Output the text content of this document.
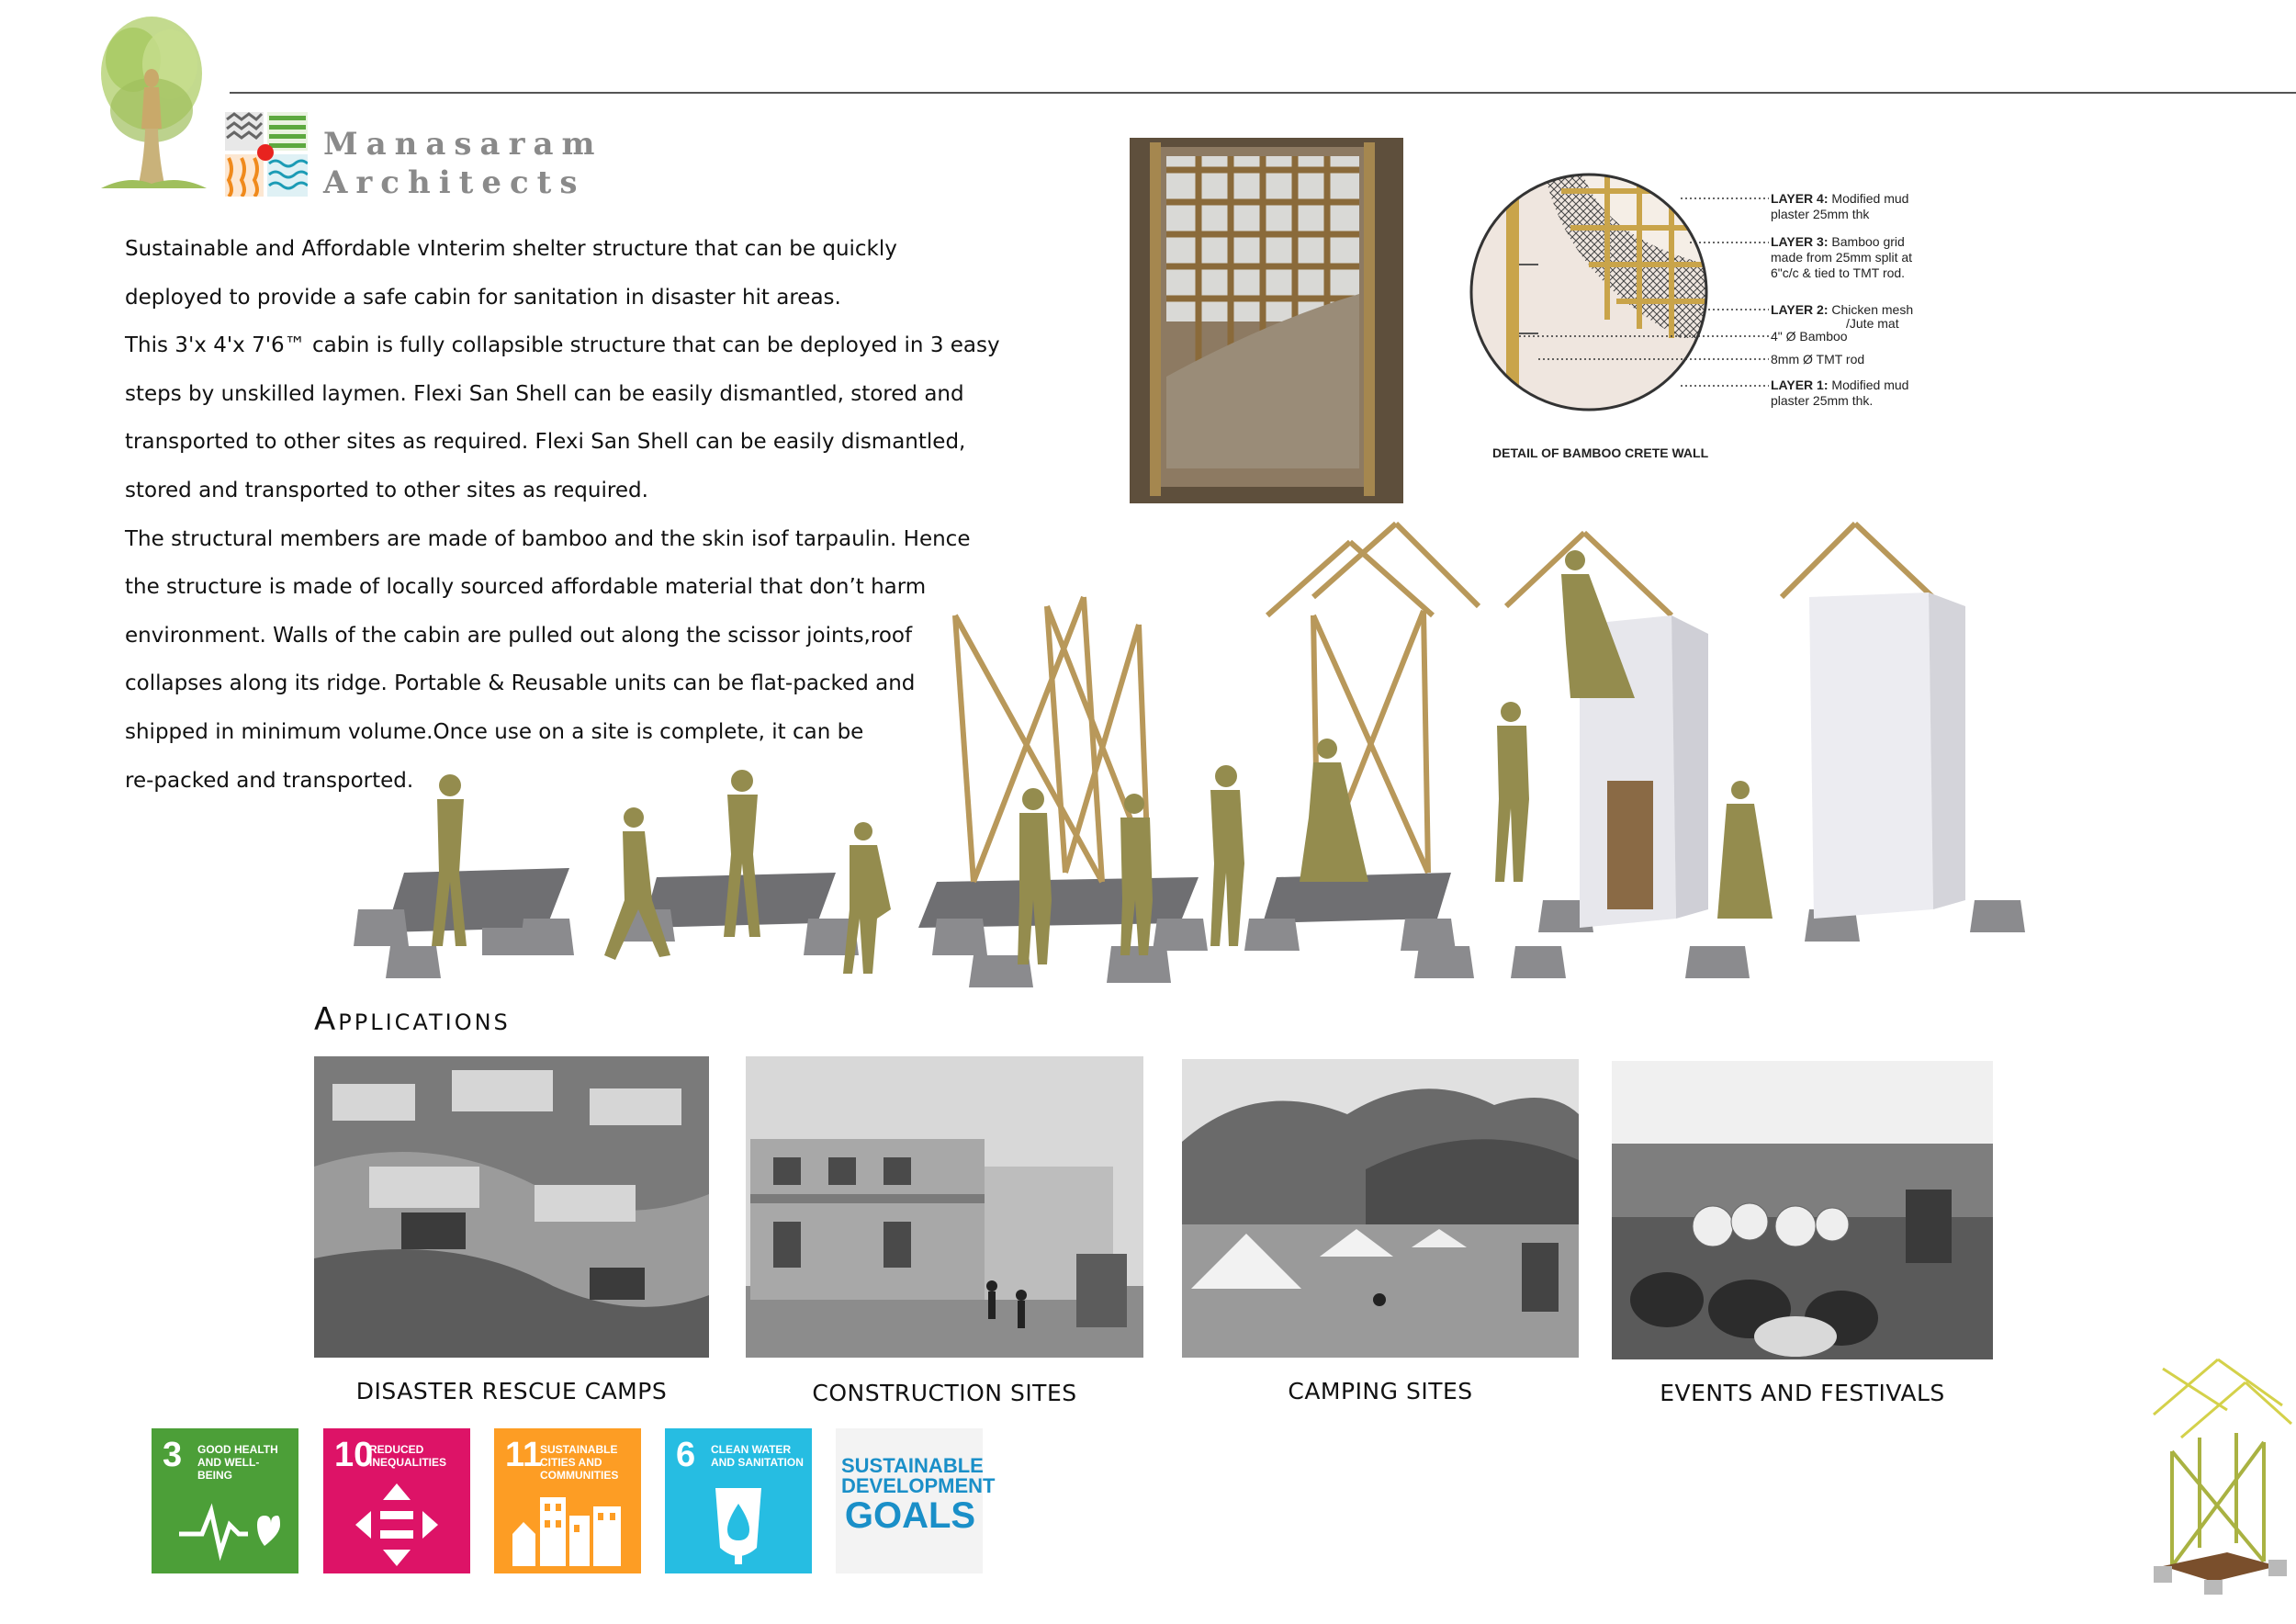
Manasaram
Architects

Sustainable and Affordable vInterim shelter structure that can be quickly

deployed to provide a safe cabin for sanitation in disaster hit areas.

This 3'x 4'x 7'6™ cabin is fully collapsible structure that can be deployed in 3 easy

steps by unskilled laymen. Flexi San Shell can be easily dismantled, stored and

transported to other sites as required. Flexi San Shell can be easily dismantled,

stored and transported to other sites as required.

The structural members are made of bamboo and the skin isof tarpaulin. Hence

the structure is made of locally sourced affordable material that don’t harm

environment. Walls of the cabin are pulled out along the scissor joints,roof

collapses along its ridge. Portable & Reusable units can be flat-packed and

shipped in minimum volume.Once use on a site is complete, it can be

re-packed and transported.

LAYER 4: Modified mud
plaster 25mm thk
LAYER 3: Bamboo grid
made from 25mm split at
6"c/c & tied to TMT rod.
LAYER 2: Chicken mesh
/Jute mat
4" Ø Bamboo
8mm Ø TMT rod
LAYER 1: Modified mud
plaster 25mm thk.
DETAIL OF BAMBOO CRETE WALL
Applications
DISASTER RESCUE CAMPS	CONSTRUCTION SITES	CAMPING SITES	EVENTS AND FESTIVALS
3 GOOD HEALTH AND WELL-BEING
10
REDUCED INEQUALITIES	11
SUSTAINABLE CITIES AND COMMUNITIES
6 CLEAN WATER AND SANITATION SUSTAINABLE
DEVELOPMENT
GOALS
